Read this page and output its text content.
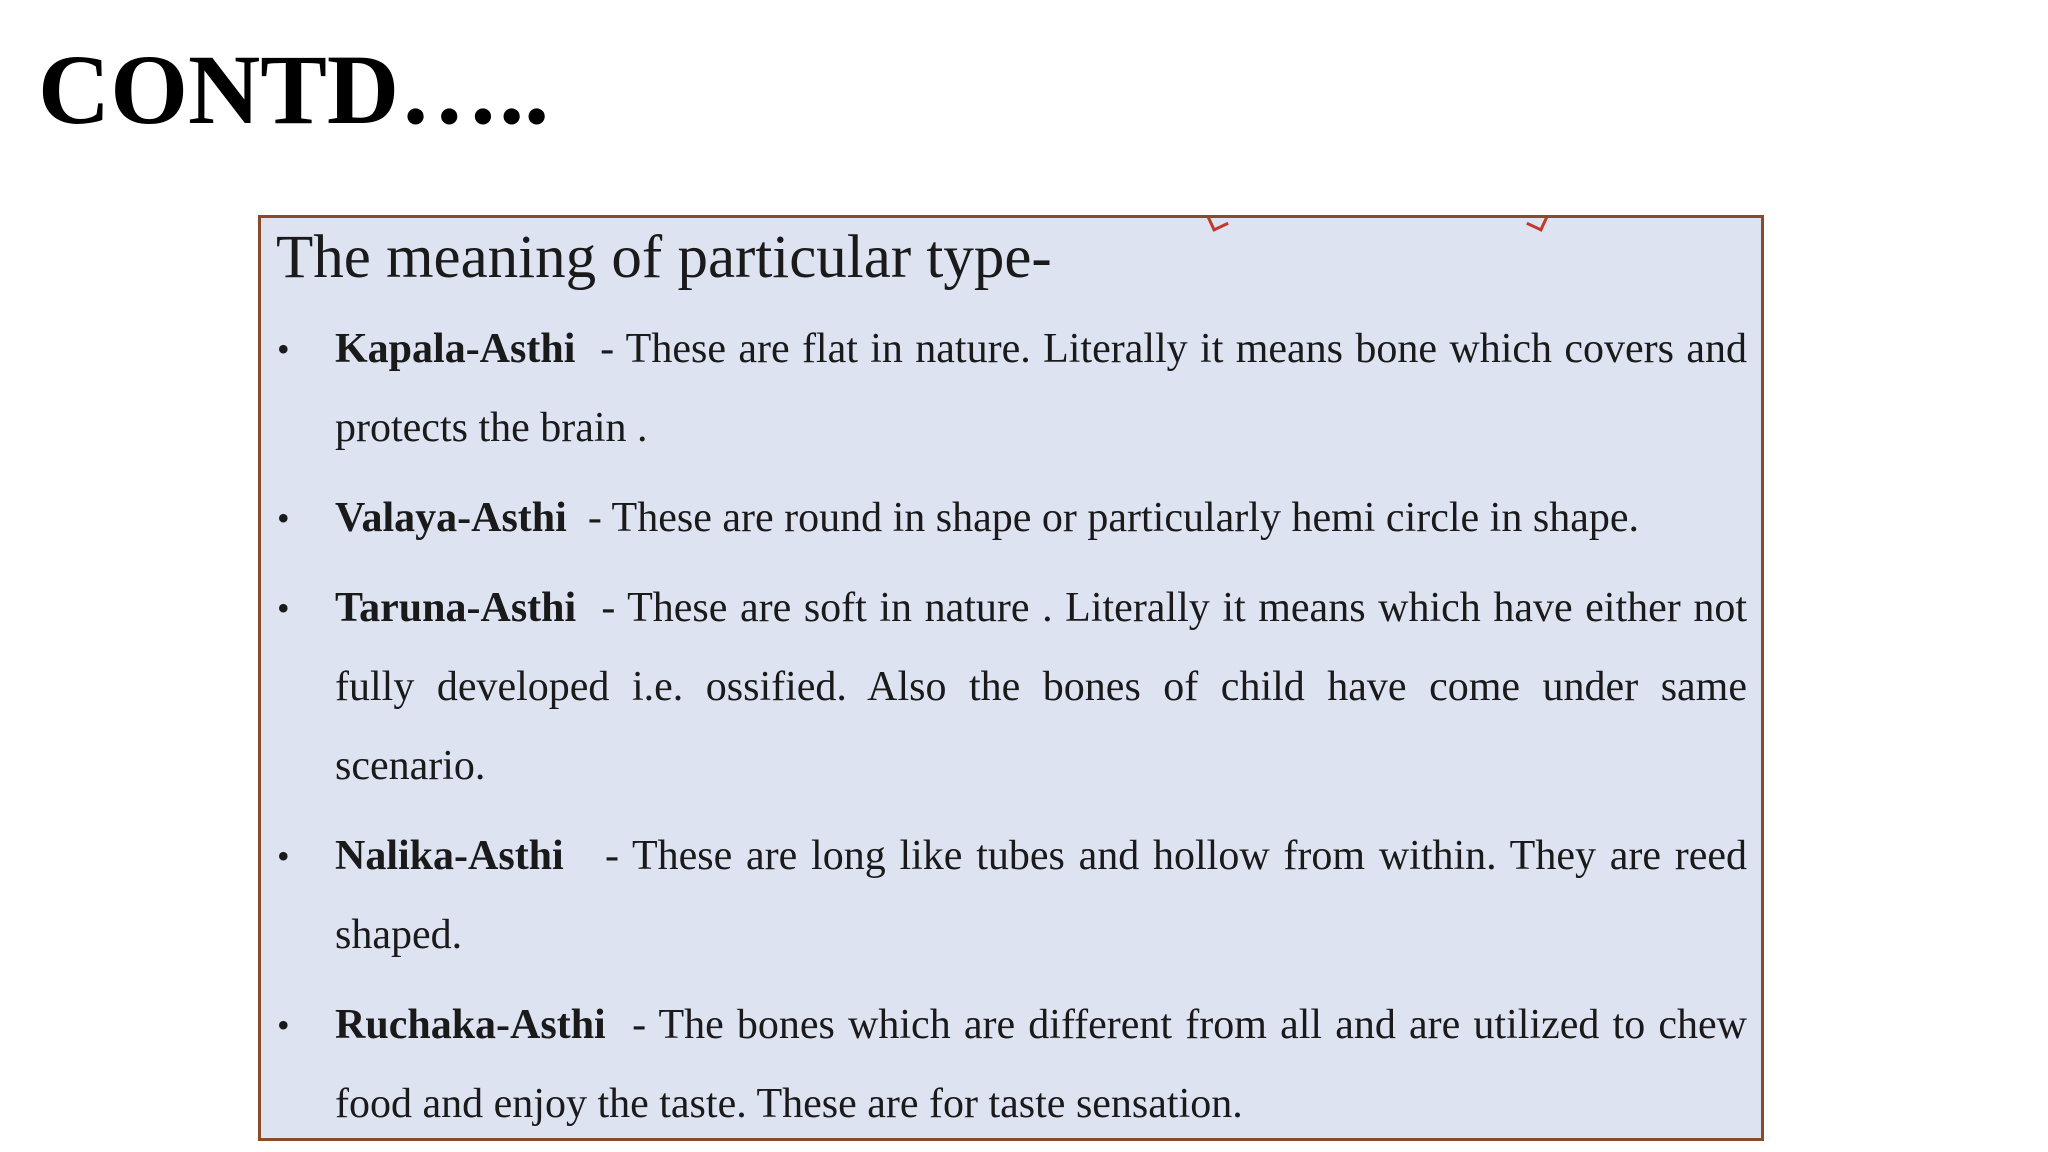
CONTD…..
The meaning of particular type-
• Kapala-Asthi - These are flat in nature. Literally it means bone which covers and protects the brain .
• Valaya-Asthi - These are round in shape or particularly hemi circle in shape.
• Taruna-Asthi - These are soft in nature . Literally it means which have either not fully developed i.e. ossified. Also the bones of child have come under same scenario.
• Nalika-Asthi - These are long like tubes and hollow from within. They are reed shaped.
• Ruchaka-Asthi - The bones which are different from all and are utilized to chew food and enjoy the taste. These are for taste sensation.
